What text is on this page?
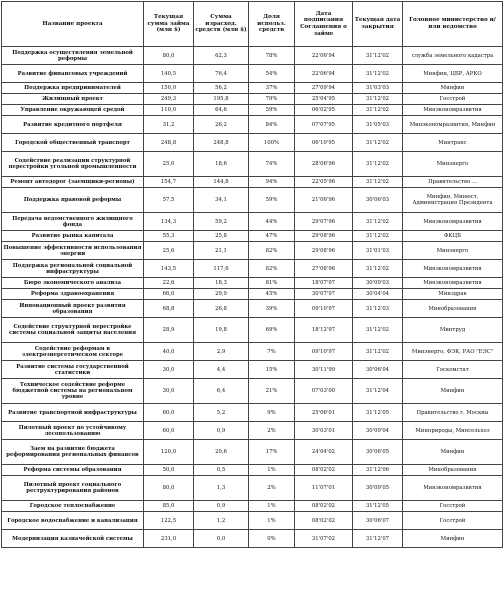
Название проекта	Текущая сумма займа (млн $)	Сумма израсход. средств (млн $)	Доля использ. средств	Дата подписания Соглашения о займе	Текущая дата закрытия	Головное министерство и/или ведомство
Поддержка осуществления земельной реформы	80,0	62,3	78%	22'06'94	31'12'02	служба земельного кадастра
Развитие финансовых учреждений	140,5	76,4	54%	22'06'94	31'12'02	Минфин, ЦБР, АРКО
Поддержка предпринимателей	150,0	56,2	37%	27'09'94	31'03'03	Минфин
Жилищный проект	249,3	195,8	79%	25'04'95	31'12'02	Госстрой
Управление окружающей средой	110,0	64,6	59%	06'02'95	31'12'02	Минэкономразвития
Развитие кредитного портфеля	31,2	26,2	84%	07'07'95	31'05'03	Минэкономразвития, Минфин
Городской общественный транспорт	248,8	248,8	100%	06'10'95	31'12'02	Минтранс
Содействие реализации структурной перестройки угольной промышленности	25,0	18,6	74%	28'06'96	31'12'02	Минэнерго
Ремонт автодорог (заемщики-регионы)	154,7	144,8	94%	22'05'96	31'12'02	Правительство ...
Поддержка правовой реформы	57,5	34,1	59%	21'06'96	30'06'03	Минфин, Минюст, Администрация Президента
Передача ведомственного жилищного фонда	134,3	59,2	44%	29'07'96	31'12'02	Минэкономразвития
Развитие рынка капитала	55,3	25,8	47%	29'08'96	31'12'02	ФКЦБ
Повышение эффективности использования энергии	25,6	21,1	82%	29'08'96	31'01'03	Минэнерго
Поддержка региональной социальной инфраструктуры	143,5	117,6	82%	27'08'96	31'12'02	Минэкономразвития
Бюро экономического анализа	22,6	18,3	81%	18'07'97	30'09'03	Минэкономразвития
Реформа здравоохранения	66,0	29,9	45%	30'07'97	30'04'04	Минздрав
Инновационный проект развития образования	68,8	26,8	39%	09'10'97	31'12'03	Минобразования
Содействие структурной перестройке системы социальной защиты населения	28,9	19,8	69%	18'12'97	31'12'02	Минтруд
Содействие реформам в электроэнергетическом секторе	40,0	2,9	7%	09'10'97	31'12'02	Минэнерго, ФЭК, РАО "ЕЭС"
Развитие системы государственной статистики	30,0	4,4	15%	30'11'99	30'06'04	Госкомстат
Техническое содействие реформе бюджетной системы на региональном уровне	30,0	6,4	21%	07'03'00	31'12'04	Минфин
Развитие транспортной инфраструктуры	60,0	5,2	9%	25'06'01	31'12'05	Правительство г. Москвы
Пилотный проект по устойчивому лесопользованию	60,0	0,9	2%	30'03'01	30'09'04	Минприроды, Минсельхоз
Заем на развитие бюджета реформирования региональных финансов	120,0	20,6	17%	24'04'02	30'06'05	Минфин
Реформа системы образования	50,0	0,5	1%	08'02'02	31'12'06	Минобразования
Пилотный проект социального реструктурирования районов	80,0	1,3	2%	11'07'01	30'09'05	Минэкономразвития
Городское теплоснабжение	85,0	0,9	1%	08'02'02	31'12'05	Госстрой
Городское водоснабжение и канализация	122,5	1,2	1%	08'02'02	30'06'07	Госстрой
Модернизация казначейской системы	231,0	0,0	0%	31'07'02	31'12'07	Минфин
